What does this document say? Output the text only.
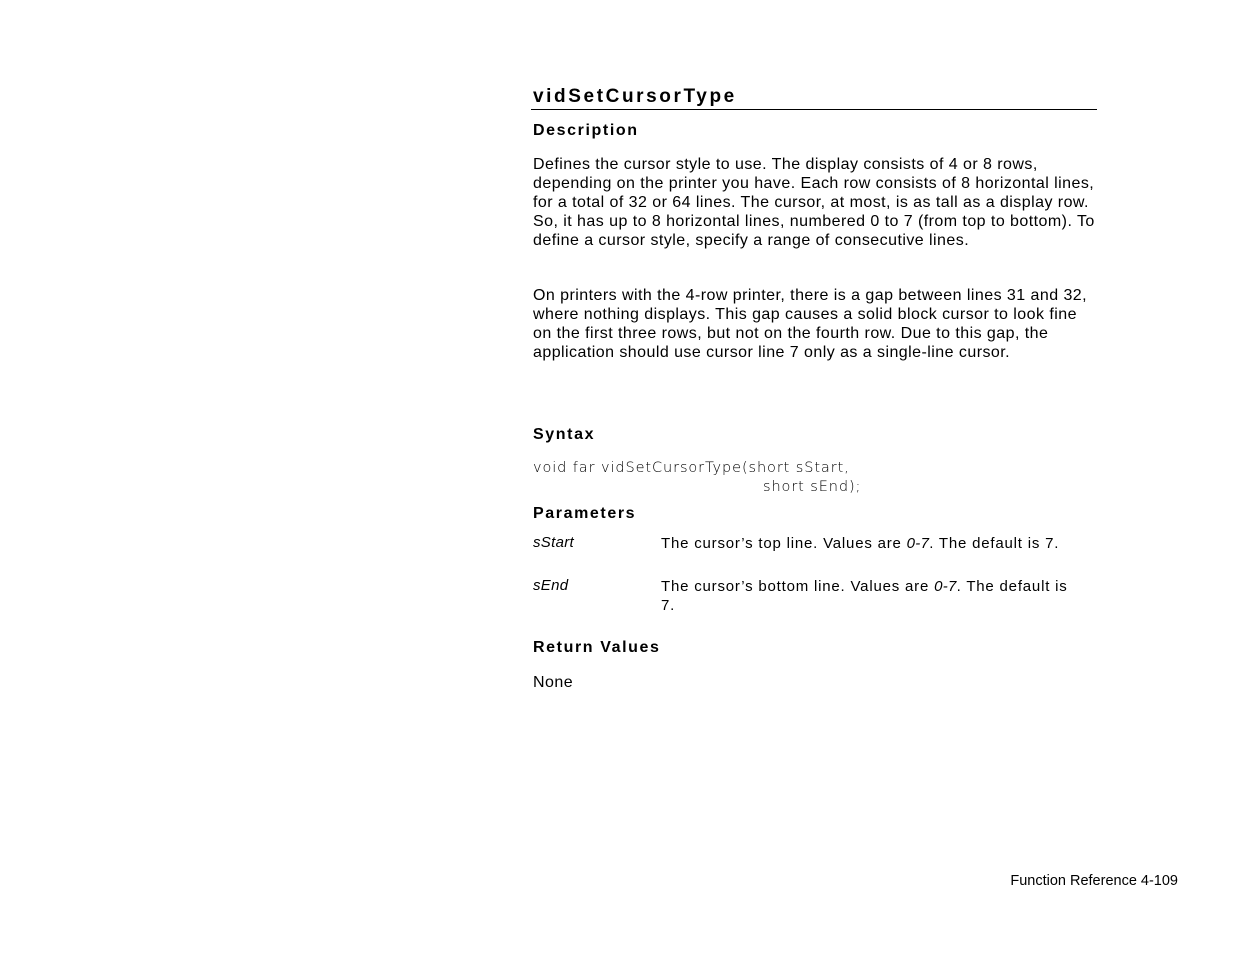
vidSetCursorType
Description

Defines the cursor style to use. The display consists of 4 or 8 rows, depending on the printer you have. Each row consists of 8 horizontal lines, for a total of 32 or 64 lines. The cursor, at most, is as tall as a display row. So, it has up to 8 horizontal lines, numbered 0 to 7 (from top to bottom). To define a cursor style, specify a range of consecutive lines.

On printers with the 4-row printer, there is a gap between lines 31 and 32, where nothing displays. This gap causes a solid block cursor to look fine on the first three rows, but not on the fourth row. Due to this gap, the application should use cursor line 7 only as a single-line cursor.

Syntax
void far vidSetCursorType(short sStart,
short sEnd);
Parameters
sStart	The cursor’s top line. Values are 0-7. The default is 7.
sEnd	The cursor’s bottom line. Values are 0-7. The default is 7.
Return Values

None

Function Reference 4-109
